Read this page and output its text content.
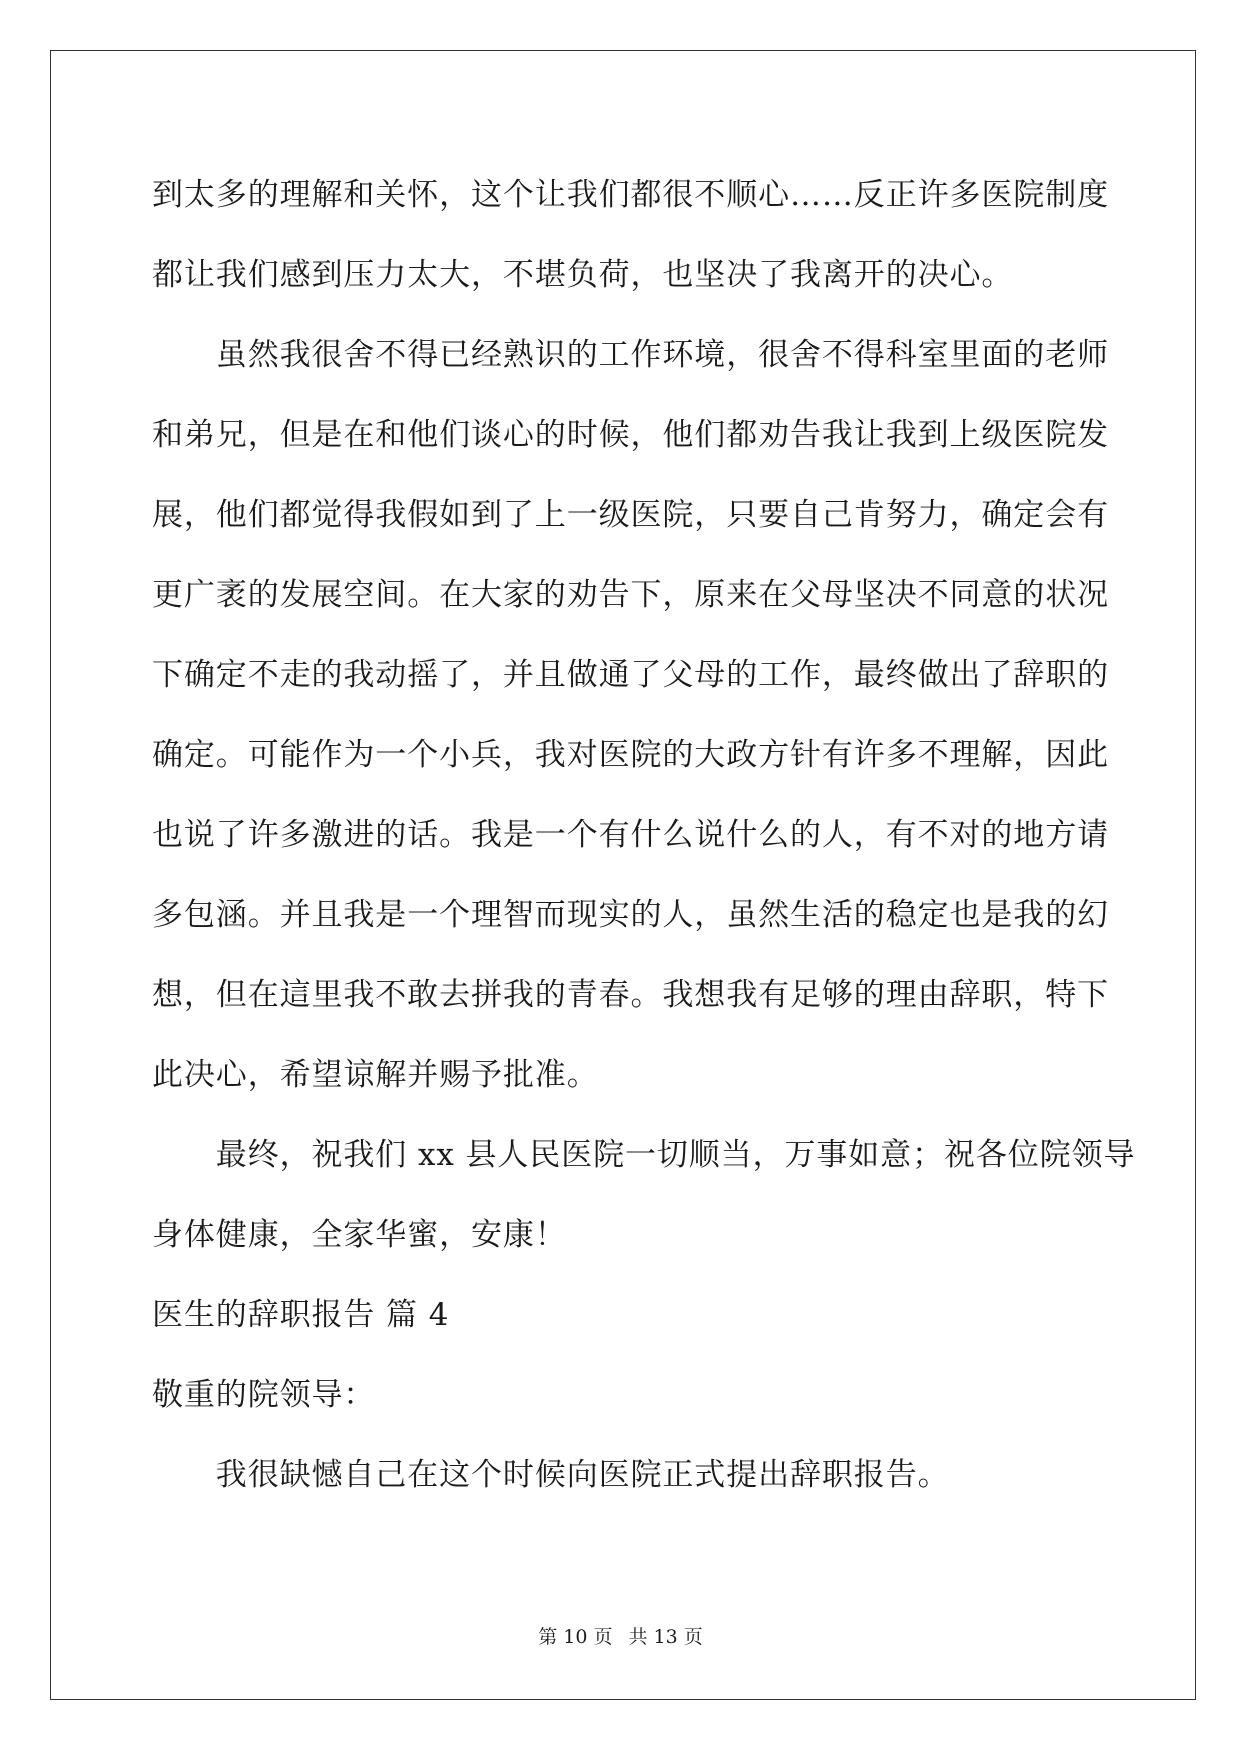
到太多的理解和关怀，这个让我们都很不顺心……反正许多医院制度
都让我们感到压力太大，不堪负荷，也坚决了我离开的决心。
　　虽然我很舍不得已经熟识的工作环境，很舍不得科室里面的老师
和弟兄，但是在和他们谈心的时候，他们都劝告我让我到上级医院发
展，他们都觉得我假如到了上一级医院，只要自己肯努力，确定会有
更广袤的发展空间。在大家的劝告下，原来在父母坚决不同意的状况
下确定不走的我动摇了，并且做通了父母的工作，最终做出了辞职的
确定。可能作为一个小兵，我对医院的大政方针有许多不理解，因此
也说了许多激进的话。我是一个有什么说什么的人，有不对的地方请
多包涵。并且我是一个理智而现实的人，虽然生活的稳定也是我的幻
想，但在這里我不敢去拼我的青春。我想我有足够的理由辞职，特下
此决心，希望谅解并赐予批准。
　　最终，祝我们 xx 县人民医院一切顺当，万事如意；祝各位院领导
身体健康，全家华蜜，安康！
医生的辞职报告 篇 4
敬重的院领导：
　　我很缺憾自己在这个时候向医院正式提出辞职报告。
第 10 页 共 13 页
